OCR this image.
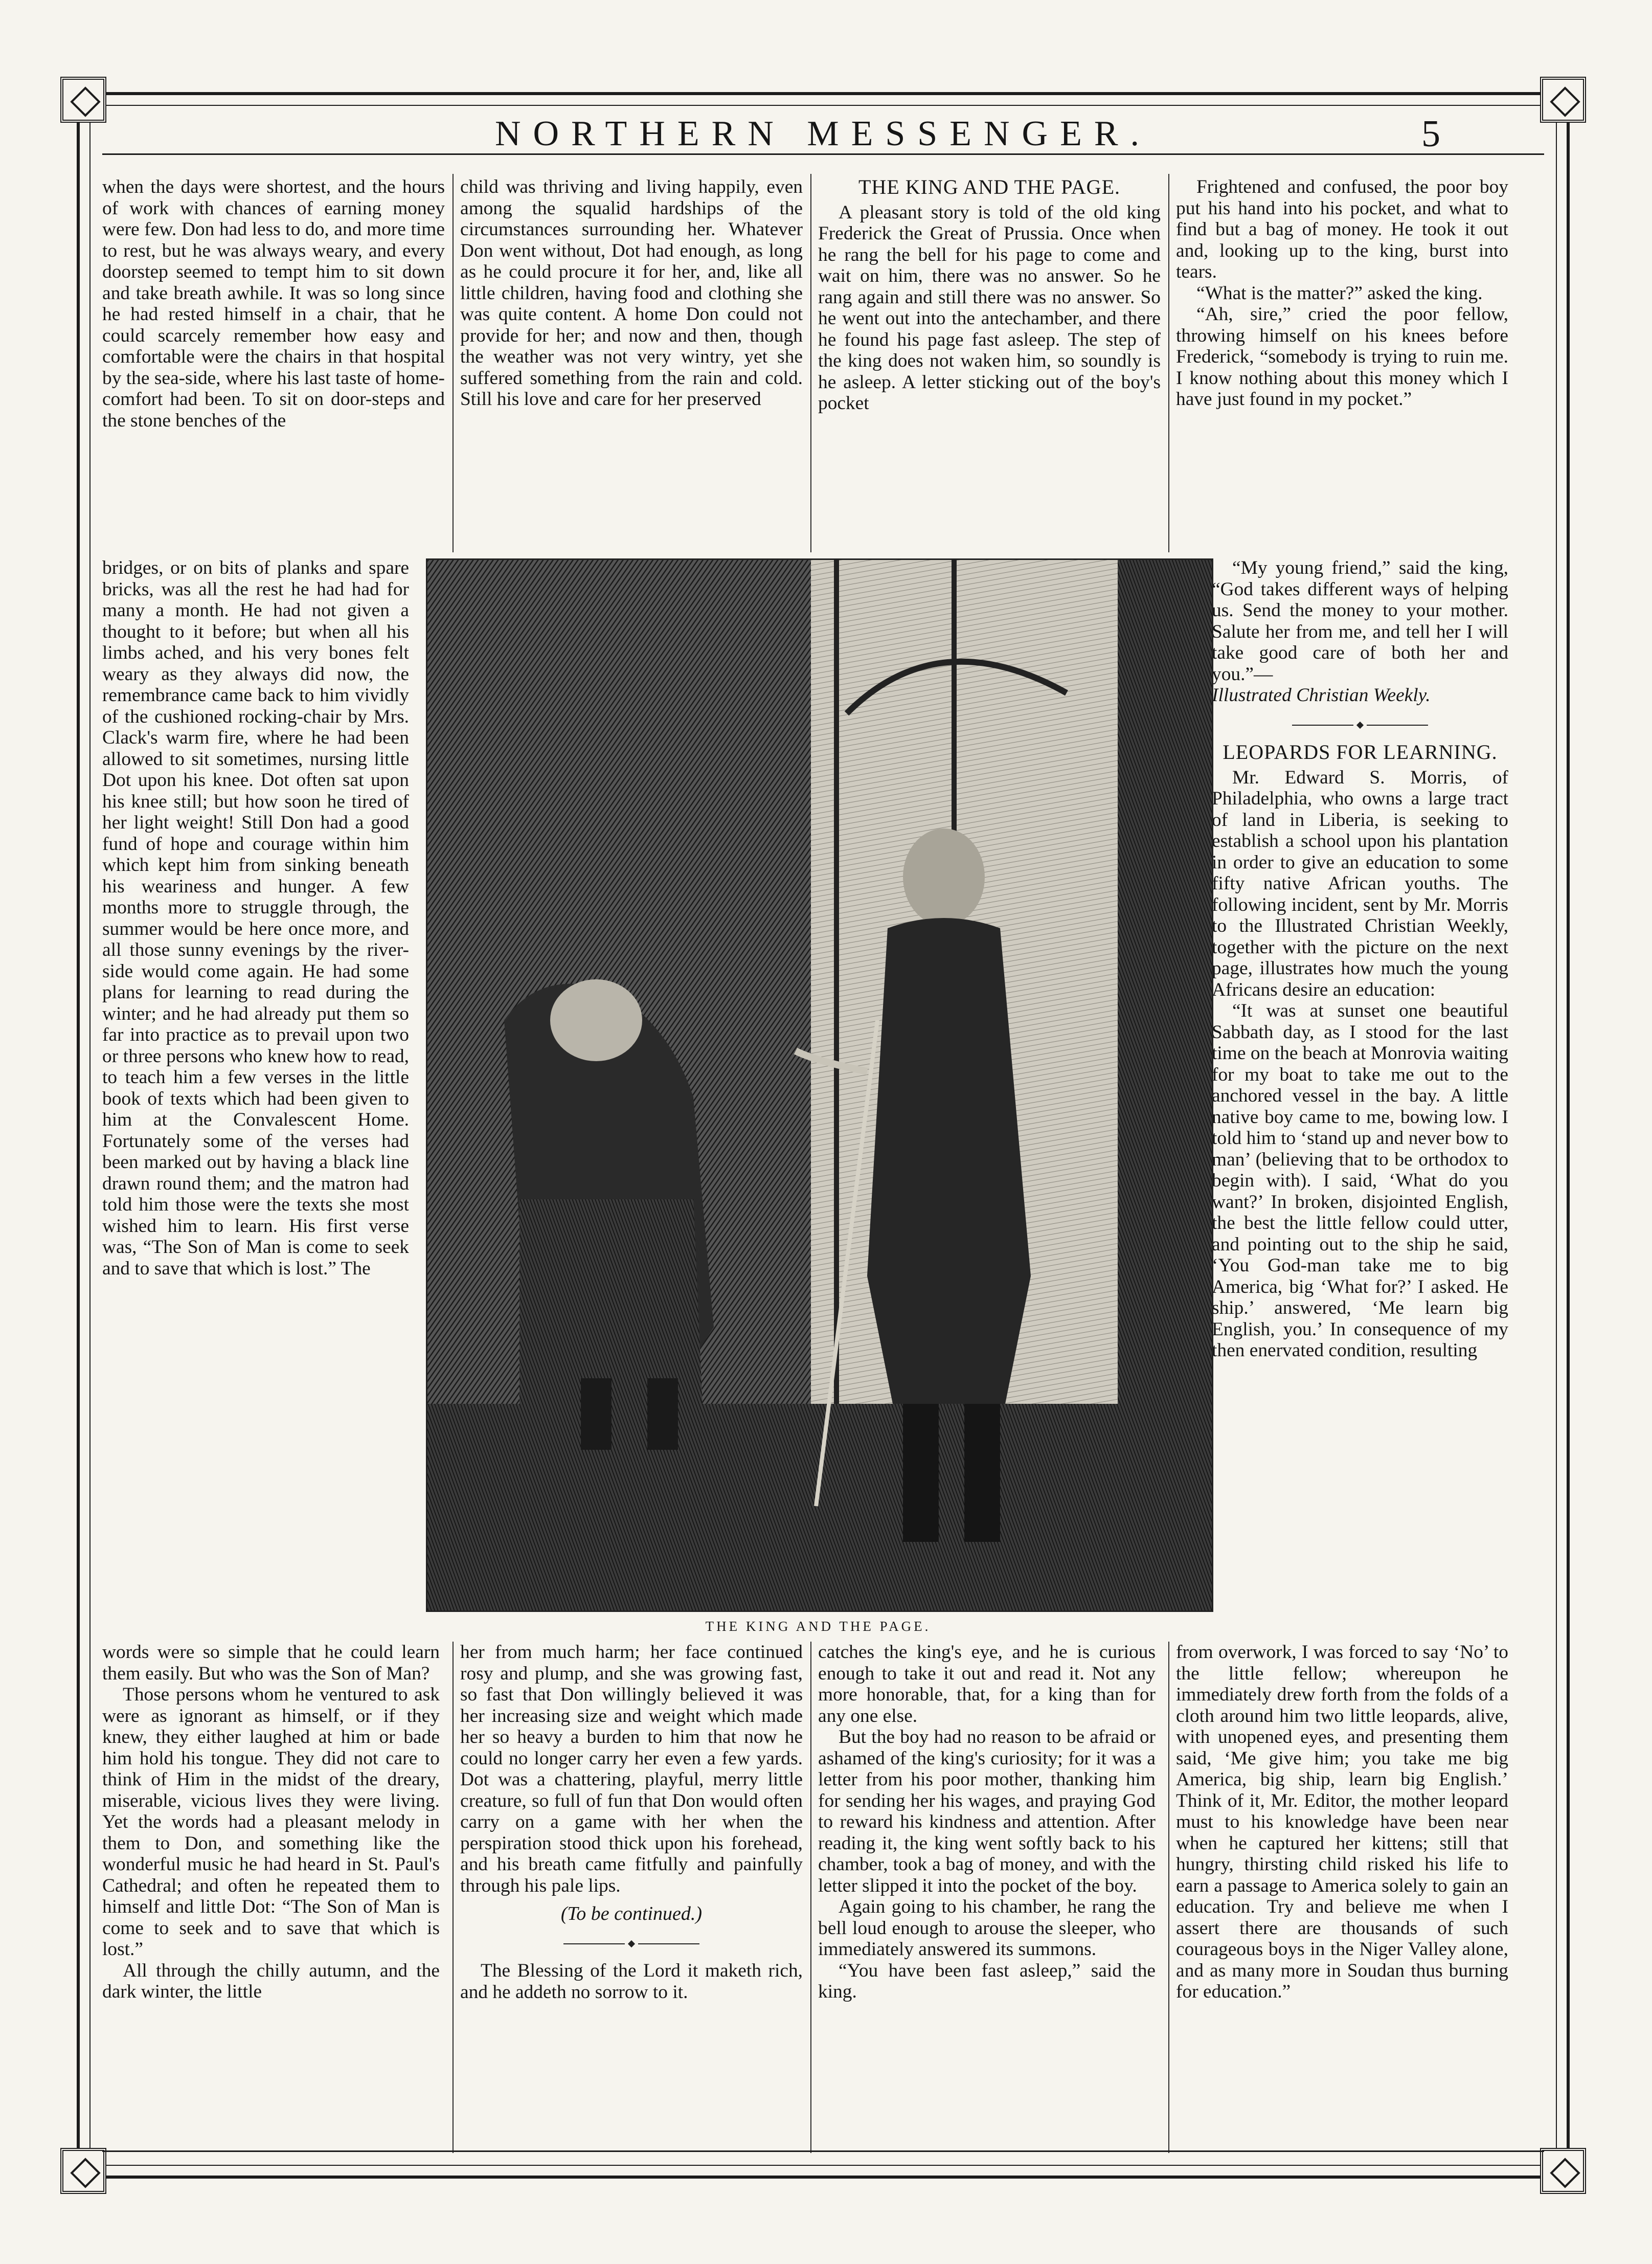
NORTHERN MESSENGER.	5

when the days were shortest, and the hours of work with chances of earning money were few. Don had less to do, and more time to rest, but he was always weary, and every doorstep seemed to tempt him to sit down and take breath awhile. It was so long since he had rested himself in a chair, that he could scarcely remember how easy and comfortable were the chairs in that hospital by the sea-side, where his last taste of home-comfort had been. To sit on door-steps and the stone benches of the

bridges, or on bits of planks and spare bricks, was all the rest he had had for many a month. He had not given a thought to it before; but when all his limbs ached, and his very bones felt weary as they always did now, the remembrance came back to him vividly of the cushioned rocking-chair by Mrs. Clack's warm fire, where he had been allowed to sit sometimes, nursing little Dot upon his knee. Dot often sat upon his knee still; but how soon he tired of her light weight! Still Don had a good fund of hope and courage within him which kept him from sinking beneath his weariness and hunger. A few months more to struggle through, the summer would be here once more, and all those sunny evenings by the river-side would come again. He had some plans for learning to read during the winter; and he had already put them so far into practice as to prevail upon two or three persons who knew how to read, to teach him a few verses in the little book of texts which had been given to him at the Convalescent Home. Fortunately some of the verses had been marked out by having a black line drawn round them; and the matron had told him those were the texts she most wished him to learn. His first verse was, “The Son of Man is come to seek and to save that which is lost.” The

words were so simple that he could learn them easily. But who was the Son of Man?

Those persons whom he ventured to ask were as ignorant as himself, or if they knew, they either laughed at him or bade him hold his tongue. They did not care to think of Him in the midst of the dreary, miserable, vicious lives they were living. Yet the words had a pleasant melody in them to Don, and something like the wonderful music he had heard in St. Paul's Cathedral; and often he repeated them to himself and little Dot: “The Son of Man is come to seek and to save that which is lost.”

All through the chilly autumn, and the dark winter, the little

child was thriving and living happily, even among the squalid hardships of the circumstances surrounding her. Whatever Don went without, Dot had enough, as long as he could procure it for her, and, like all little children, having food and clothing she was quite content. A home Don could not provide for her; and now and then, though the weather was not very wintry, yet she suffered something from the rain and cold. Still his love and care for her preserved

her from much harm; her face continued rosy and plump, and she was growing fast, so fast that Don willingly believed it was her increasing size and weight which made her so heavy a burden to him that now he could no longer carry her even a few yards. Dot was a chattering, playful, merry little creature, so full of fun that Don would often carry on a game with her when the perspiration stood thick upon his forehead, and his breath came fitfully and painfully through his pale lips.

(To be continued.)

The Blessing of the Lord it maketh rich, and he addeth no sorrow to it.

THE KING AND THE PAGE.

A pleasant story is told of the old king Frederick the Great of Prussia. Once when he rang the bell for his page to come and wait on him, there was no answer. So he rang again and still there was no answer. So he went out into the antechamber, and there he found his page fast asleep. The step of the king does not waken him, so soundly is he asleep. A letter sticking out of the boy's pocket

catches the king's eye, and he is curious enough to take it out and read it. Not any more honorable, that, for a king than for any one else.

But the boy had no reason to be afraid or ashamed of the king's curiosity; for it was a letter from his poor mother, thanking him for sending her his wages, and praying God to reward his kindness and attention. After reading it, the king went softly back to his chamber, took a bag of money, and with the letter slipped it into the pocket of the boy.

Again going to his chamber, he rang the bell loud enough to arouse the sleeper, who immediately answered its summons.

“You have been fast asleep,” said the king.

Frightened and confused, the poor boy put his hand into his pocket, and what to find but a bag of money. He took it out and, looking up to the king, burst into tears.

“What is the matter?” asked the king.

“Ah, sire,” cried the poor fellow, throwing himself on his knees before Frederick, “somebody is trying to ruin me. I know nothing about this money which I have just found in my pocket.”

“My young friend,” said the king, “God takes different ways of helping us. Send the money to your mother. Salute her from me, and tell her I will take good care of both her and you.”—

Illustrated Christian Weekly.

LEOPARDS FOR LEARNING.

Mr. Edward S. Morris, of Philadelphia, who owns a large tract of land in Liberia, is seeking to establish a school upon his plantation in order to give an education to some fifty native African youths. The following incident, sent by Mr. Morris to the Illustrated Christian Weekly, together with the picture on the next page, illustrates how much the young Africans desire an education:

“It was at sunset one beautiful Sabbath day, as I stood for the last time on the beach at Monrovia waiting for my boat to take me out to the anchored vessel in the bay. A little native boy came to me, bowing low. I told him to ‘stand up and never bow to man’ (believing that to be orthodox to begin with). I said, ‘What do you want?’ In broken, disjointed English, the best the little fellow could utter, and pointing out to the ship he said, ‘You God-man take me to big America, big ‘What for?’ I asked. He ship.’ answered, ‘Me learn big English, you.’ In consequence of my then enervated condition, resulting

from overwork, I was forced to say ‘No’ to the little fellow; whereupon he immediately drew forth from the folds of a cloth around him two little leopards, alive, with unopened eyes, and presenting them said, ‘Me give him; you take me big America, big ship, learn big English.’ Think of it, Mr. Editor, the mother leopard must to his knowledge have been near when he captured her kittens; still that hungry, thirsting child risked his life to earn a passage to America solely to gain an education. Try and believe me when I assert there are thousands of such courageous boys in the Niger Valley alone, and as many more in Soudan thus burning for education.”

THE KING AND THE PAGE.
